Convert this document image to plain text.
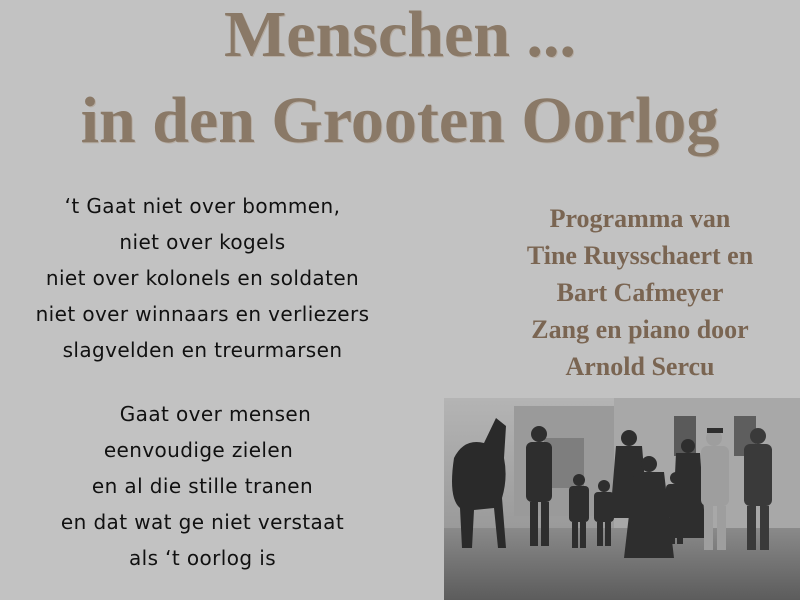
Menschen ...
in den Grooten Oorlog
‘t Gaat niet over bommen,
niet over kogels
niet over kolonels en soldaten
niet over winnaars en verliezers
slagvelden en treurmarsen
Gaat over mensen
eenvoudige zielen
en al die stille tranen
en dat wat ge niet verstaat
als ‘t oorlog is
Programma van
Tine Ruysschaert en
Bart Cafmeyer
Zang en piano door
Arnold Sercu
